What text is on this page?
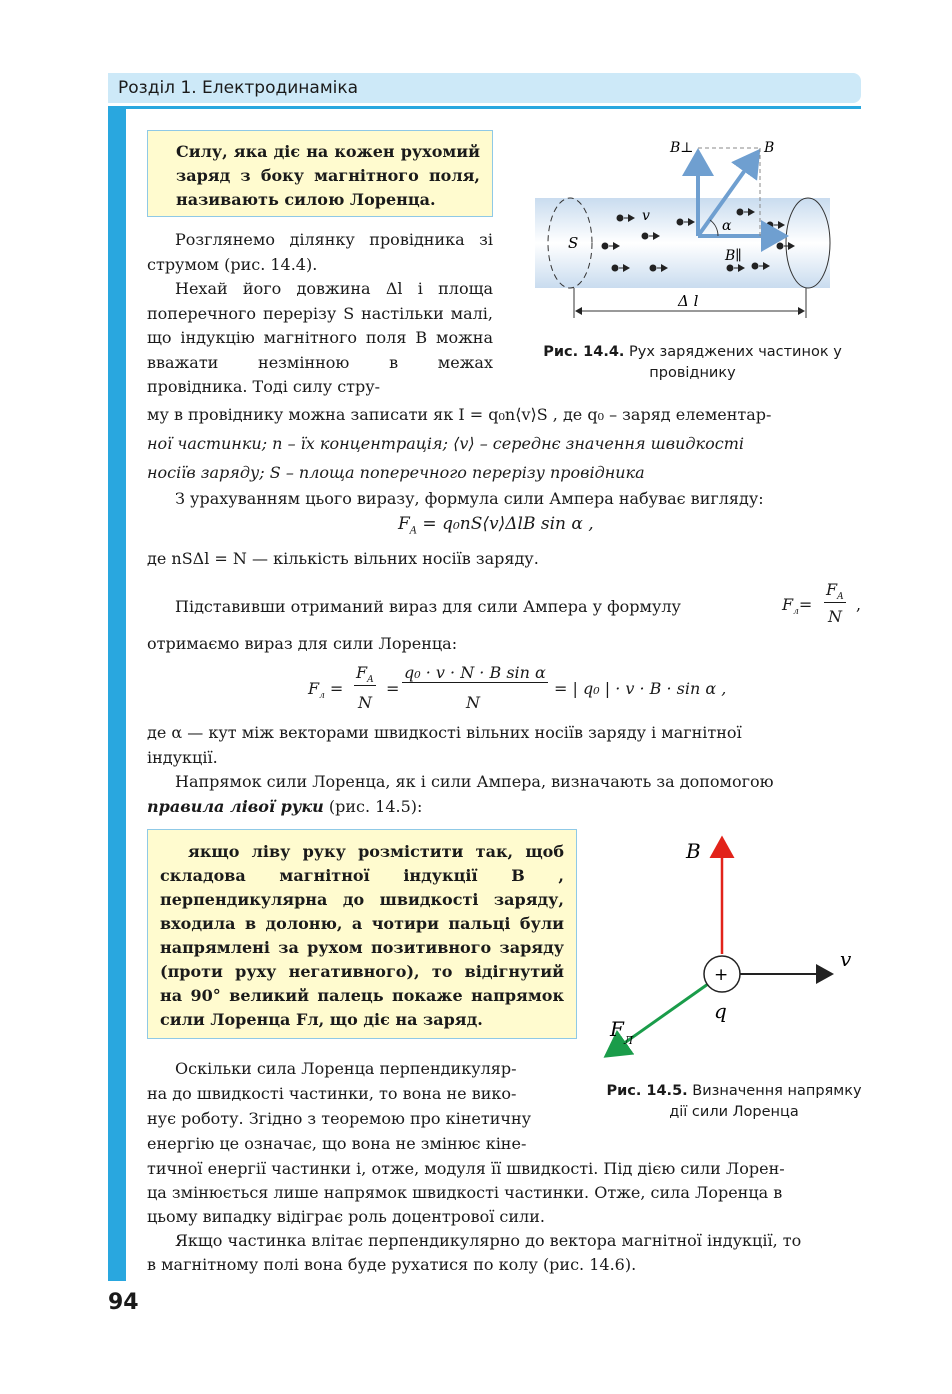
Розділ 1. Електродинаміка

Силу, яка діє на кожен рухомий заряд з боку магнітного поля, називають силою Лоренца.

Розглянемо ділянку провідника зі струмом (рис. 14.4).

Нехай його довжина Δl і площа поперечного перерізу S настільки малі, що індукцію магнітного поля B можна вважати незмінною в межах провідника. Тоді силу стру-

S
v
α
B⊥	B
B∥
Δ l
Рис. 14.4. Рух заряджених частинок у провіднику
му в провіднику можна записати як I = q₀n⟨v⟩S , де q₀ – заряд елементар-
ної частинки; n – їх концентрація; ⟨v⟩ – середнє значення швидкості
носіїв заряду; S – площа поперечного перерізу провідника
З урахуванням цього виразу, формула сили Ампера набуває вигляду:
$F_A$ = q₀nS⟨v⟩ΔlB sin α ,
де nSΔl = N — кількість вільних носіїв заряду.
Підставивши отриманий вираз для сили Ампера у формулу	$F_л=$
$F_A$
N
,
отримаємо вираз для сили Лоренца:
$F_л$ =
$F_A$
N
=
q₀ · v · N · B sin α
N
= | q₀ | · v · B · sin α ,
де α — кут між векторами швидкості вільних носіїв заряду і магнітної
індукції.
Напрямок сили Лоренца, як і сили Ампера, визначають за допомогою
правила лівої руки (рис. 14.5):

якщо ліву руку розмістити так, щоб складова магнітної індукції B , перпендикулярна до швидкості заряду, входила в долоню, а чотири пальці були напрямлені за рухом позитивного заряду (проти руху негативного), то відігнутий на 90° великий палець покаже напрямок сили Лоренца Fл, що діє на заряд.

+
B
v
q
F Л
Рис. 14.5. Визначення напрямку дії сили Лоренца
Оскільки сила Лоренца перпендикуляр-
на до швидкості частинки, то вона не вико-
нує роботу. Згідно з теоремою про кінетичну
енергію це означає, що вона не змінює кіне-
тичної енергії частинки і, отже, модуля її швидкості. Під дією сили Лорен-
ца змінюється лише напрямок швидкості частинки. Отже, сила Лоренца в
цьому випадку відіграє роль доцентрової сили.
Якщо частинка влітає перпендикулярно до вектора магнітної індукції, то
в магнітному полі вона буде рухатися по колу (рис. 14.6).
94
